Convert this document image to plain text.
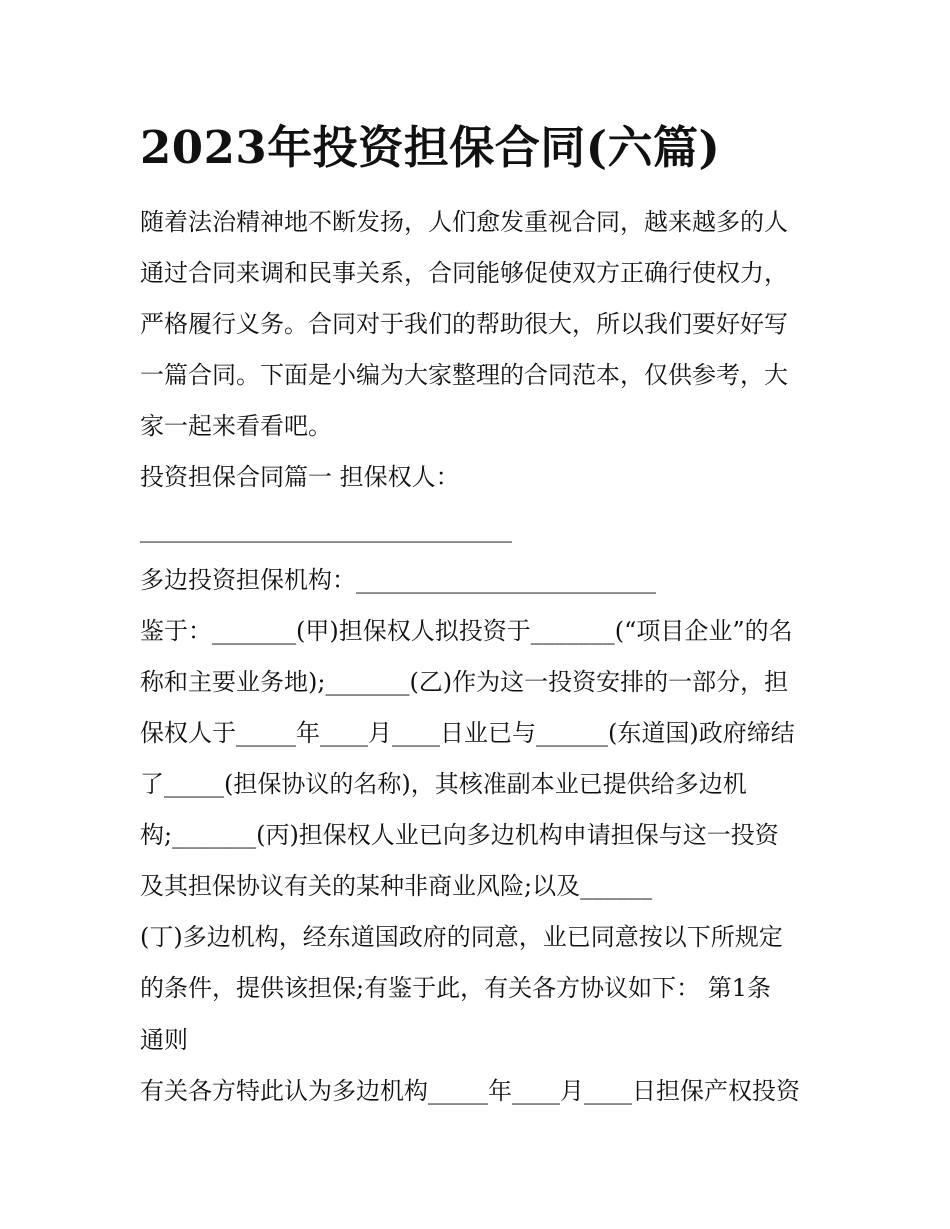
2023年投资担保合同(六篇)
随着法治精神地不断发扬，人们愈发重视合同，越来越多的人
通过合同来调和民事关系，合同能够促使双方正确行使权力，
严格履行义务。合同对于我们的帮助很大，所以我们要好好写
一篇合同。下面是小编为大家整理的合同范本，仅供参考，大
家一起来看看吧。
投资担保合同篇一 担保权人：
_______________________________
多边投资担保机构：_________________________
鉴于：_______(甲)担保权人拟投资于_______(“项目企业”的名
称和主要业务地);_______(乙)作为这一投资安排的一部分，担
保权人于_____年____月____日业已与______(东道国)政府缔结
了_____(担保协议的名称)，其核准副本业已提供给多边机
构;_______(丙)担保权人业已向多边机构申请担保与这一投资
及其担保协议有关的某种非商业风险;以及______
(丁)多边机构，经东道国政府的同意，业已同意按以下所规定
的条件，提供该担保;有鉴于此，有关各方协议如下： 第1条
通则
有关各方特此认为多边机构_____年____月____日担保产权投资
